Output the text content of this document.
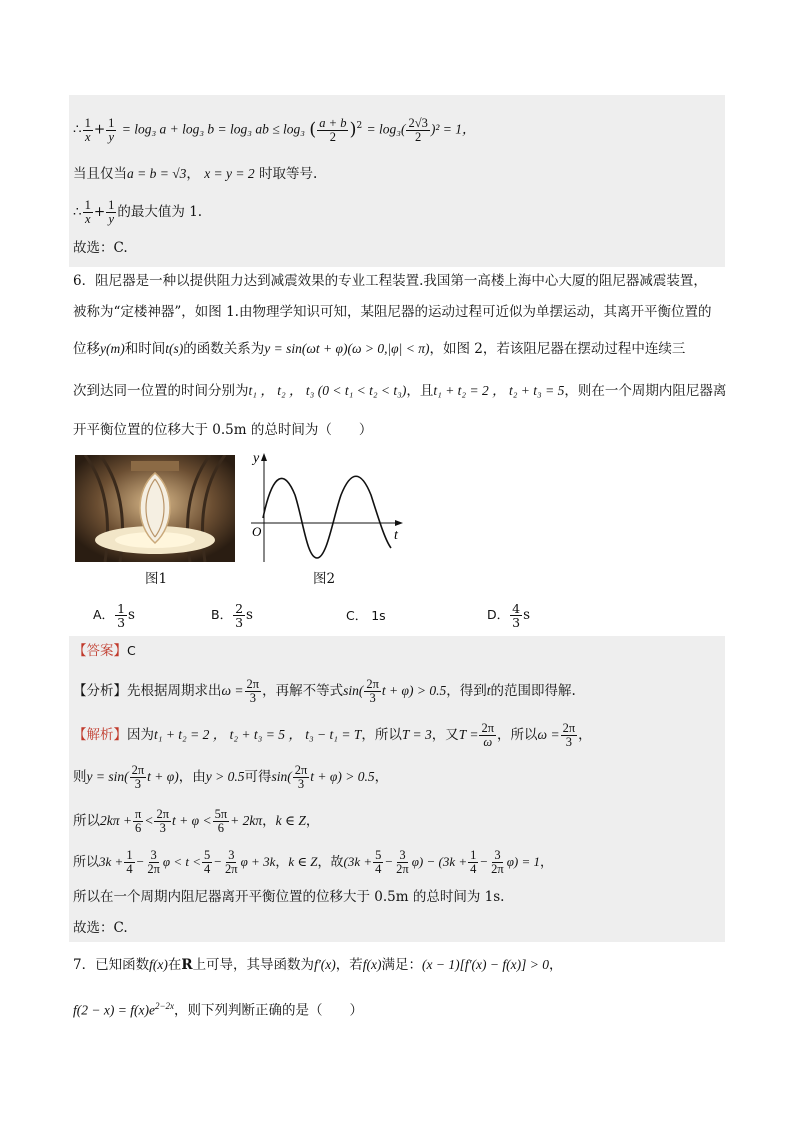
∴ $\frac{1}{x} + \frac{1}{y} = \log_3$ a + log₃ b = log₃ ab ≤ log₃ ( $\frac{a + b}{2} )^2 = \log_3( \frac{2√3}{2} )^2 = 1$，
当且仅当a = b = √3， x = y = 2 时取等号.
∴ $\frac{1}{x} + \frac{1}{y}$ 的最大值为 1.
故选：C.
6．阻尼器是一种以提供阻力达到减震效果的专业工程装置.我国第一高楼上海中心大厦的阻尼器减震装置，
被称为“定楼神器”，如图 1.由物理学知识可知，某阻尼器的运动过程可近似为单摆运动，其离开平衡位置的
位移y(m)和时间t(s)的函数关系为y = sin(ωt + φ)(ω > 0,|φ| < π)，如图 2，若该阻尼器在摆动过程中连续三
次到达同一位置的时间分别为t₁ ， t₂ ， t₃ (0 < t₁ < t₂ < t₃)，且t₁ + t₂ = 2 ， t₂ + t₃ = 5，则在一个周期内阻尼器离
开平衡位置的位移大于 0.5m 的总时间为（　　）
图1
y
t
O
图2
A． $\frac{1}{3}$ s	B． $\frac{2}{3}$ s	C． 1s	D． $\frac{4}{3}$ s
【答案】C
【分析】先根据周期求出$\omega = \frac{2\pi}{3}$ ，再解不等式$\sin( \frac{2\pi}{3}$ t + φ) > 0.5，得到t的范围即得解.
【解析】因为t₁ + t₂ = 2 ， t₂ + t₃ = 5 ， t₃ − t₁ = T，所以T = 3，又$T = \frac{2\pi}{\omega}$ ，所以$\omega = \frac{2\pi}{3}$ ，
则$y = \sin( \frac{2\pi}{3}$ t + φ)，由y > 0.5可得$\sin( \frac{2\pi}{3}$ t + φ) > 0.5，
所以$2k\pi + \frac{\pi}{6} < \frac{2\pi}{3}$ $t + \varphi < \frac{5\pi}{6} + 2k\pi$，k ∈ Z，
所以$3k + \frac{1}{4} - \frac{3}{2\pi}$ $\varphi < t < \frac{5}{4} - \frac{3}{2\pi}$ φ + 3k，k ∈ Z，故$(3k + \frac{5}{4} - \frac{3}{2\pi} \varphi) - (3k + \frac{1}{4} - \frac{3}{2\pi} \varphi) = 1$，
所以在一个周期内阻尼器离开平衡位置的位移大于 0.5m 的总时间为 1s.
故选：C.
7．已知函数f(x)在R上可导，其导函数为f′(x)，若f(x)满足：(x − 1)[f′(x) − f(x)] > 0，
$f(2 - x) = f(x)e^{2-2x}$，则下列判断正确的是（　　）
